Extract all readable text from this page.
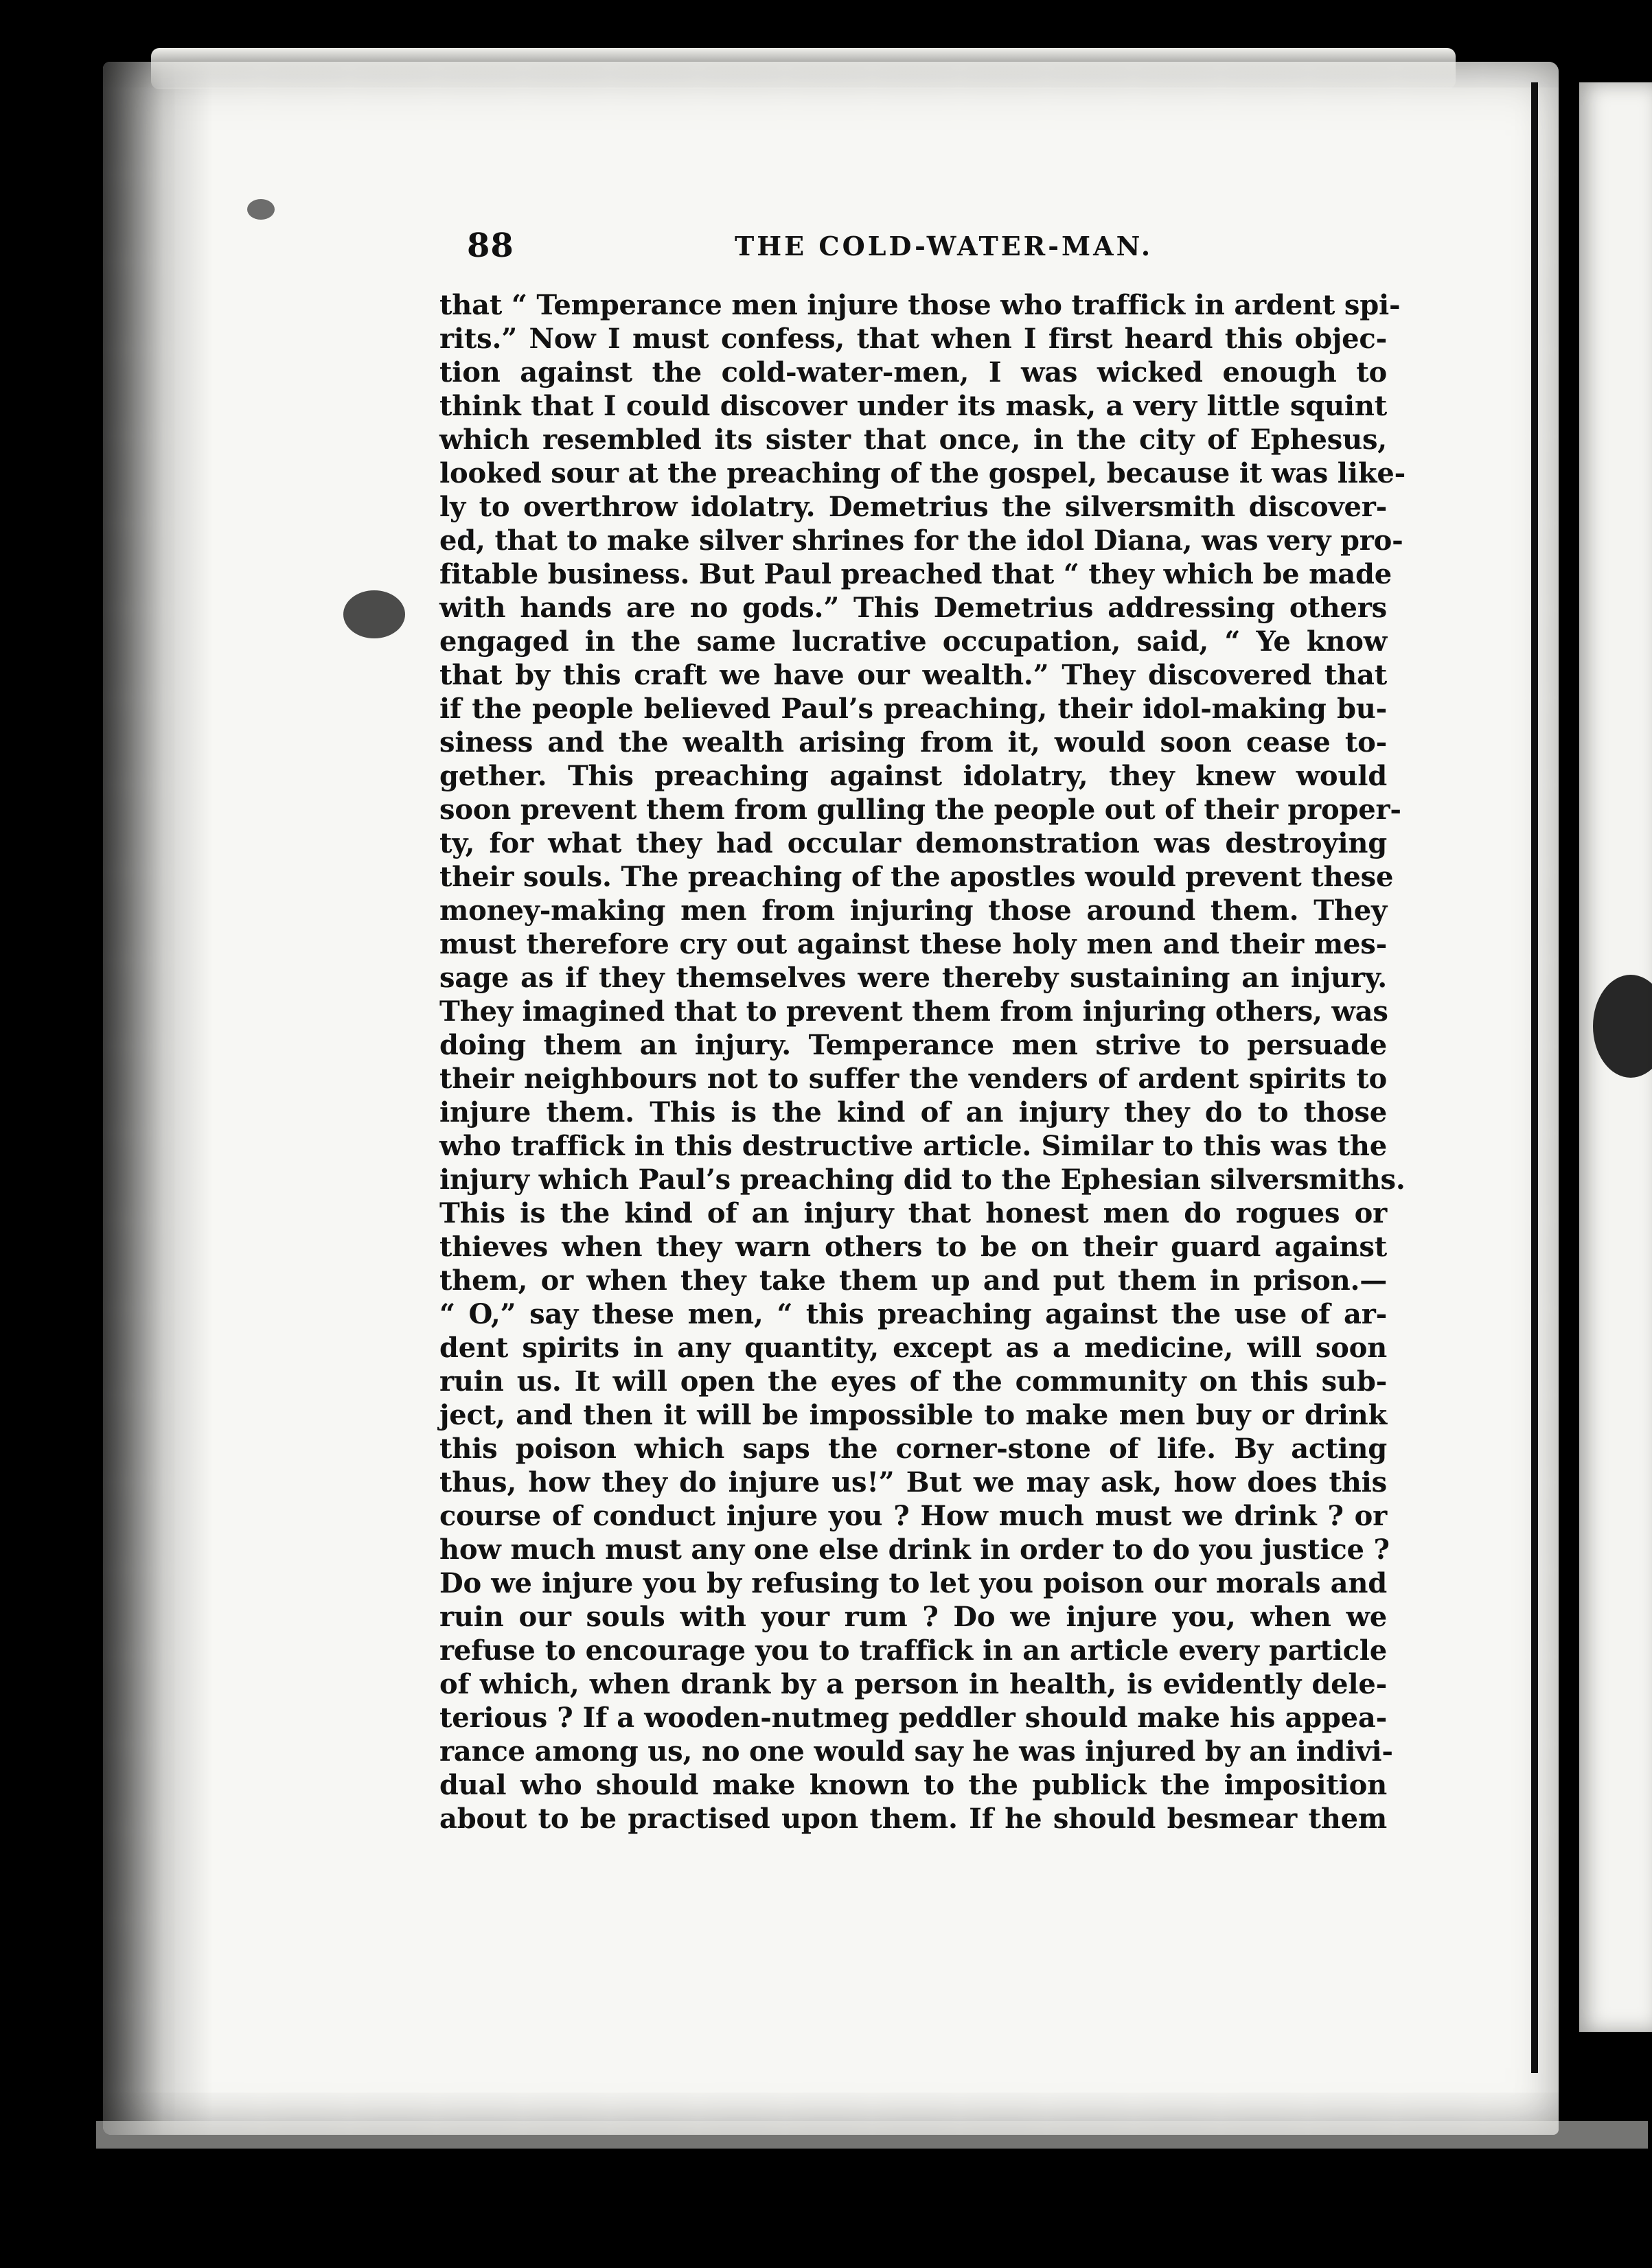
88	THE COLD-WATER-MAN.
that “ Temperance men injure those who traffick in ardent spi-
rits.” Now I must confess, that when I first heard this objec-
tion against the cold-water-men, I was wicked enough to
think that I could discover under its mask, a very little squint
which resembled its sister that once, in the city of Ephesus,
looked sour at the preaching of the gospel, because it was like-
ly to overthrow idolatry. Demetrius the silversmith discover-
ed, that to make silver shrines for the idol Diana, was very pro-
fitable business. But Paul preached that “ they which be made
with hands are no gods.” This Demetrius addressing others
engaged in the same lucrative occupation, said, “ Ye know
that by this craft we have our wealth.” They discovered that
if the people believed Paul’s preaching, their idol-making bu-
siness and the wealth arising from it, would soon cease to-
gether. This preaching against idolatry, they knew would
soon prevent them from gulling the people out of their proper-
ty, for what they had occular demonstration was destroying
their souls. The preaching of the apostles would prevent these
money-making men from injuring those around them. They
must therefore cry out against these holy men and their mes-
sage as if they themselves were thereby sustaining an injury.
They imagined that to prevent them from injuring others, was
doing them an injury. Temperance men strive to persuade
their neighbours not to suffer the venders of ardent spirits to
injure them. This is the kind of an injury they do to those
who traffick in this destructive article. Similar to this was the
injury which Paul’s preaching did to the Ephesian silversmiths.
This is the kind of an injury that honest men do rogues or
thieves when they warn others to be on their guard against
them, or when they take them up and put them in prison.—
“ O,” say these men, “ this preaching against the use of ar-
dent spirits in any quantity, except as a medicine, will soon
ruin us. It will open the eyes of the community on this sub-
ject, and then it will be impossible to make men buy or drink
this poison which saps the corner-stone of life. By acting
thus, how they do injure us!” But we may ask, how does this
course of conduct injure you ? How much must we drink ? or
how much must any one else drink in order to do you justice ?
Do we injure you by refusing to let you poison our morals and
ruin our souls with your rum ? Do we injure you, when we
refuse to encourage you to traffick in an article every particle
of which, when drank by a person in health, is evidently dele-
terious ? If a wooden-nutmeg peddler should make his appea-
rance among us, no one would say he was injured by an indivi-
dual who should make known to the publick the imposition
about to be practised upon them. If he should besmear them
